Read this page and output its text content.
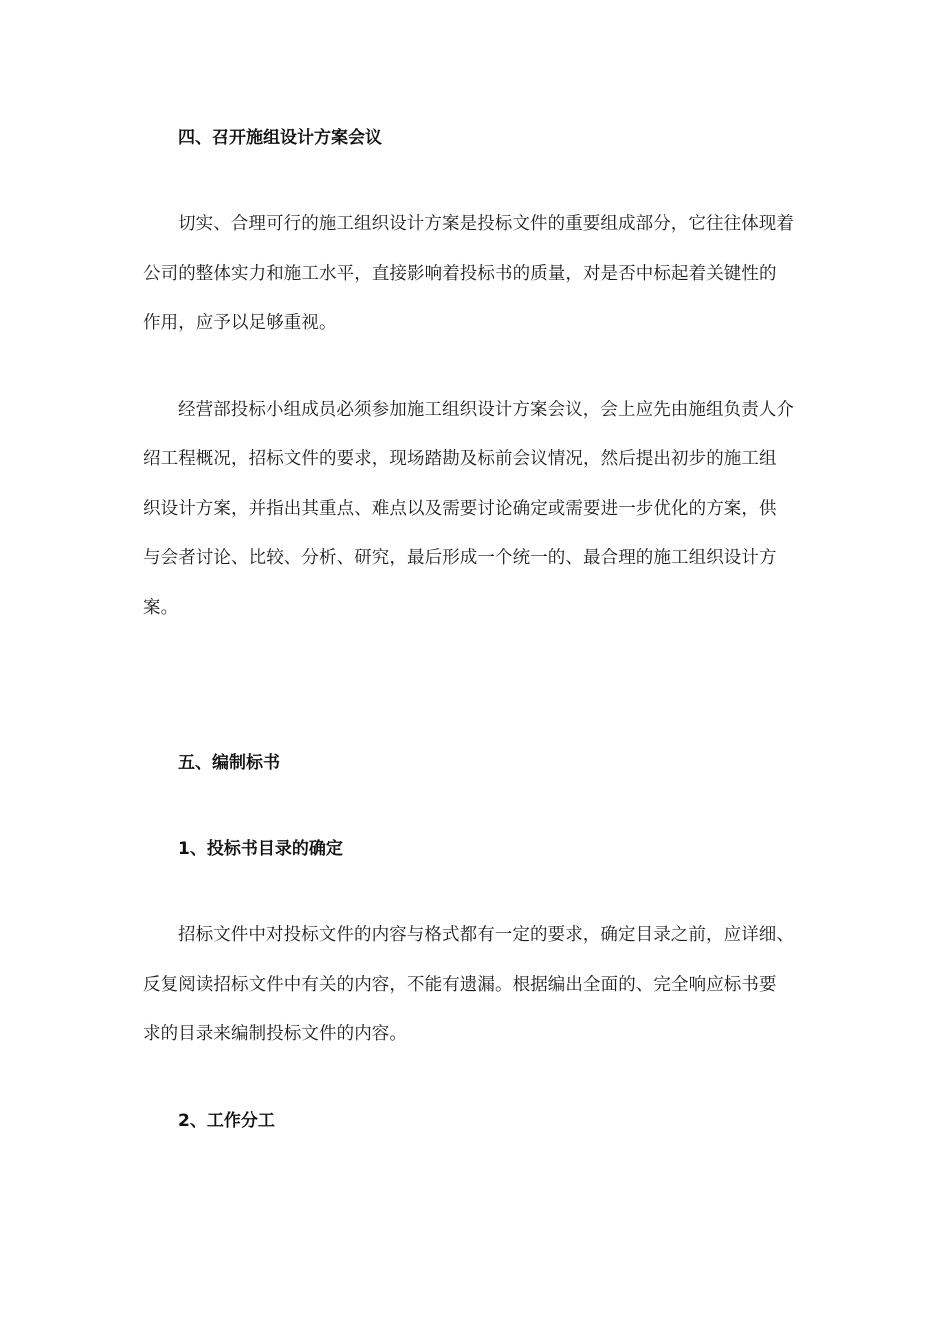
四、召开施组设计方案会议
切实、合理可行的施工组织设计方案是投标文件的重要组成部分，它往往体现着
公司的整体实力和施工水平，直接影响着投标书的质量，对是否中标起着关键性的
作用，应予以足够重视。
经营部投标小组成员必须参加施工组织设计方案会议，会上应先由施组负责人介
绍工程概况，招标文件的要求，现场踏勘及标前会议情况，然后提出初步的施工组
织设计方案，并指出其重点、难点以及需要讨论确定或需要进一步优化的方案，供
与会者讨论、比较、分析、研究，最后形成一个统一的、最合理的施工组织设计方
案。
五、编制标书
1、投标书目录的确定
招标文件中对投标文件的内容与格式都有一定的要求，确定目录之前，应详细、
反复阅读招标文件中有关的内容，不能有遗漏。根据编出全面的、完全响应标书要
求的目录来编制投标文件的内容。
2、工作分工
